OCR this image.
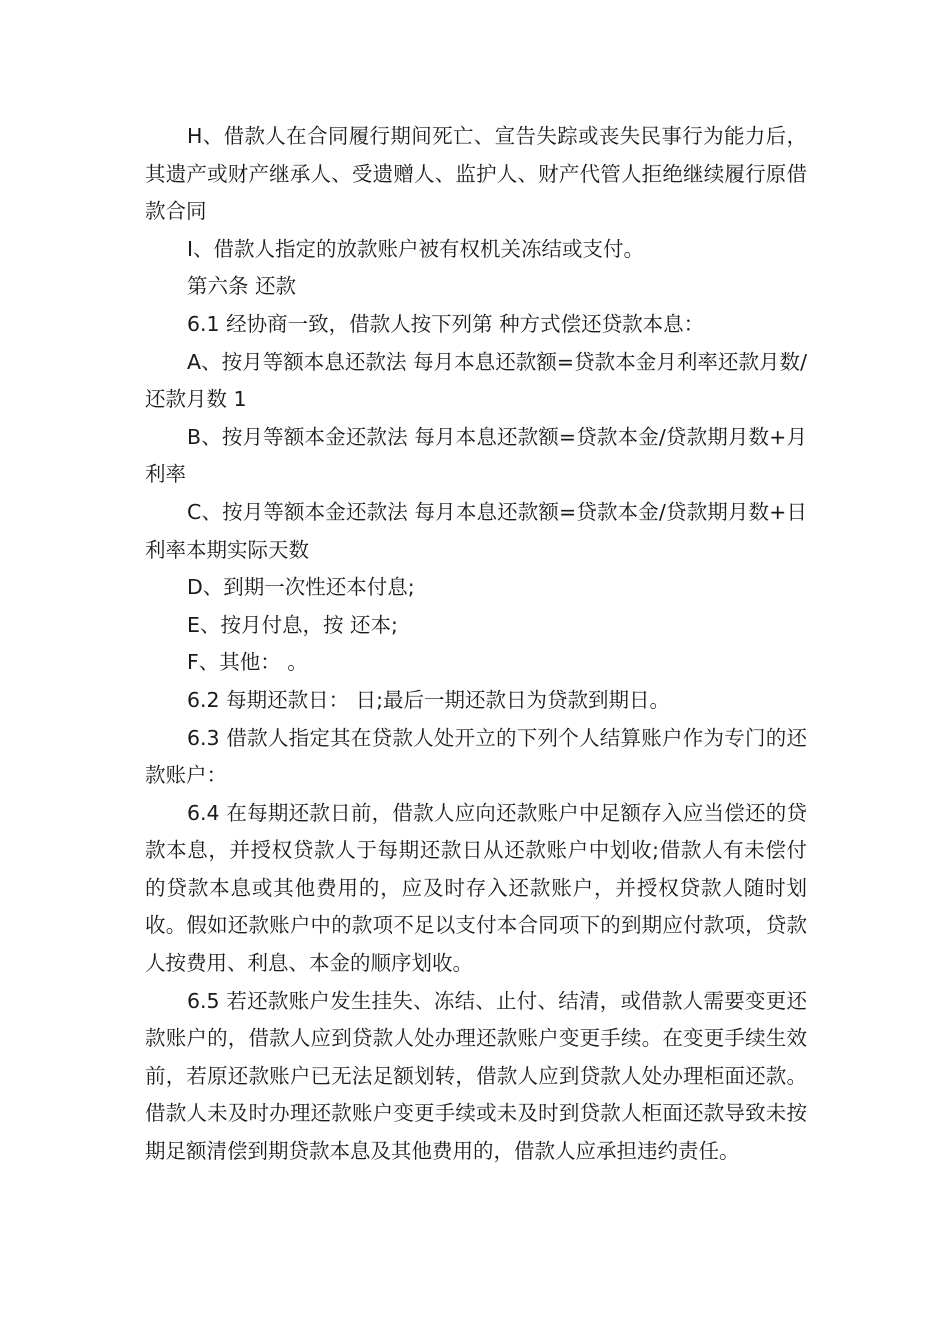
H、借款人在合同履行期间死亡、宣告失踪或丧失民事行为能力后，其遗产或财产继承人、受遗赠人、监护人、财产代管人拒绝继续履行原借款合同

I、借款人指定的放款账户被有权机关冻结或支付。

第六条 还款

6.1 经协商一致，借款人按下列第 种方式偿还贷款本息：

A、按月等额本息还款法 每月本息还款额=贷款本金月利率还款月数/还款月数 1

B、按月等额本金还款法 每月本息还款额=贷款本金/贷款期月数+月利率

C、按月等额本金还款法 每月本息还款额=贷款本金/贷款期月数+日利率本期实际天数

D、到期一次性还本付息;

E、按月付息，按 还本;

F、其他： 。

6.2 每期还款日： 日;最后一期还款日为贷款到期日。

6.3 借款人指定其在贷款人处开立的下列个人结算账户作为专门的还款账户：

6.4 在每期还款日前，借款人应向还款账户中足额存入应当偿还的贷款本息，并授权贷款人于每期还款日从还款账户中划收;借款人有未偿付的贷款本息或其他费用的，应及时存入还款账户，并授权贷款人随时划收。假如还款账户中的款项不足以支付本合同项下的到期应付款项，贷款人按费用、利息、本金的顺序划收。

6.5 若还款账户发生挂失、冻结、止付、结清，或借款人需要变更还款账户的，借款人应到贷款人处办理还款账户变更手续。在变更手续生效前，若原还款账户已无法足额划转，借款人应到贷款人处办理柜面还款。借款人未及时办理还款账户变更手续或未及时到贷款人柜面还款导致未按期足额清偿到期贷款本息及其他费用的，借款人应承担违约责任。
